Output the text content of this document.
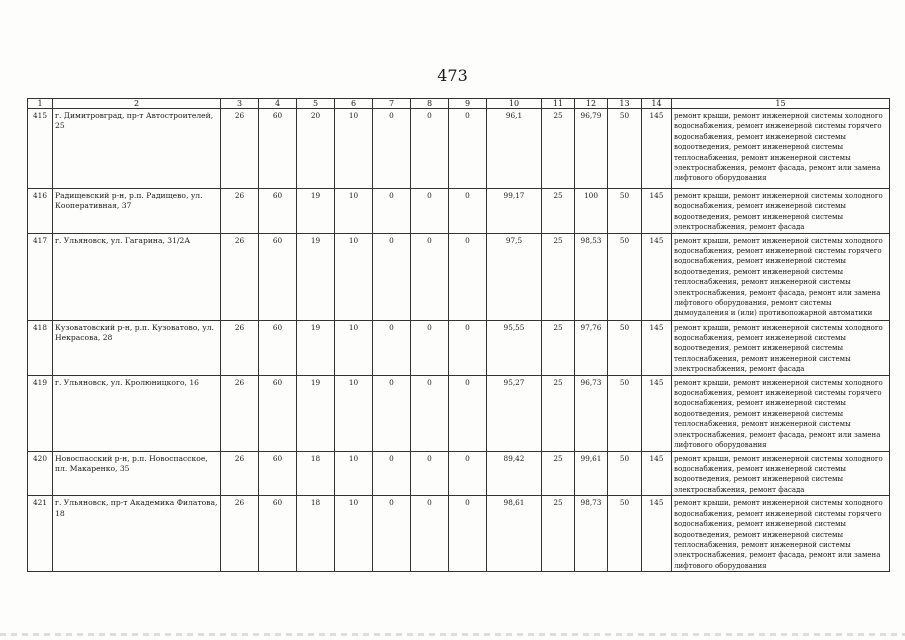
473
1	2	3	4	5	6	7	8	9	10	11	12	13	14	15
415	г. Димитровград, пр-т Автостроителей, 25	26	60	20	10	0	0	0	96,1	25	96,79	50	145	ремонт крыши, ремонт инженерной системы холодного водоснабжения, ремонт инженерной системы горячего водоснабжения, ремонт инженерной системы водоотведения, ремонт инженерной системы теплоснабжения, ремонт инженерной системы электроснабжения, ремонт фасада, ремонт или замена лифтового оборудования
416	Радищевский р-н, р.п. Радищево, ул. Кооперативная, 37	26	60	19	10	0	0	0	99,17	25	100	50	145	ремонт крыши, ремонт инженерной системы холодного водоснабжения, ремонт инженерной системы водоотведения, ремонт инженерной системы электроснабжения, ремонт фасада
417	г. Ульяновск, ул. Гагарина, 31/2А	26	60	19	10	0	0	0	97,5	25	98,53	50	145	ремонт крыши, ремонт инженерной системы холодного водоснабжения, ремонт инженерной системы горячего водоснабжения, ремонт инженерной системы водоотведения, ремонт инженерной системы теплоснабжения, ремонт инженерной системы электроснабжения, ремонт фасада, ремонт или замена лифтового оборудования, ремонт системы дымоудаления и (или) противопожарной автоматики
418	Кузоватовский р-н, р.п. Кузоватово, ул. Некрасова, 28	26	60	19	10	0	0	0	95,55	25	97,76	50	145	ремонт крыши, ремонт инженерной системы холодного водоснабжения, ремонт инженерной системы водоотведения, ремонт инженерной системы теплоснабжения, ремонт инженерной системы электроснабжения, ремонт фасада
419	г. Ульяновск, ул. Кролюницкого, 16	26	60	19	10	0	0	0	95,27	25	96,73	50	145	ремонт крыши, ремонт инженерной системы холодного водоснабжения, ремонт инженерной системы горячего водоснабжения, ремонт инженерной системы водоотведения, ремонт инженерной системы теплоснабжения, ремонт инженерной системы электроснабжения, ремонт фасада, ремонт или замена лифтового оборудования
420	Новоспасский р-н, р.п. Новоспасское, пл. Макаренко, 35	26	60	18	10	0	0	0	89,42	25	99,61	50	145	ремонт крыши, ремонт инженерной системы холодного водоснабжения, ремонт инженерной системы водоотведения, ремонт инженерной системы электроснабжения, ремонт фасада
421	г. Ульяновск, пр-т Академика Филатова, 18	26	60	18	10	0	0	0	98,61	25	98,73	50	145	ремонт крыши, ремонт инженерной системы холодного водоснабжения, ремонт инженерной системы горячего водоснабжения, ремонт инженерной системы водоотведения, ремонт инженерной системы теплоснабжения, ремонт инженерной системы электроснабжения, ремонт фасада, ремонт или замена лифтового оборудования
